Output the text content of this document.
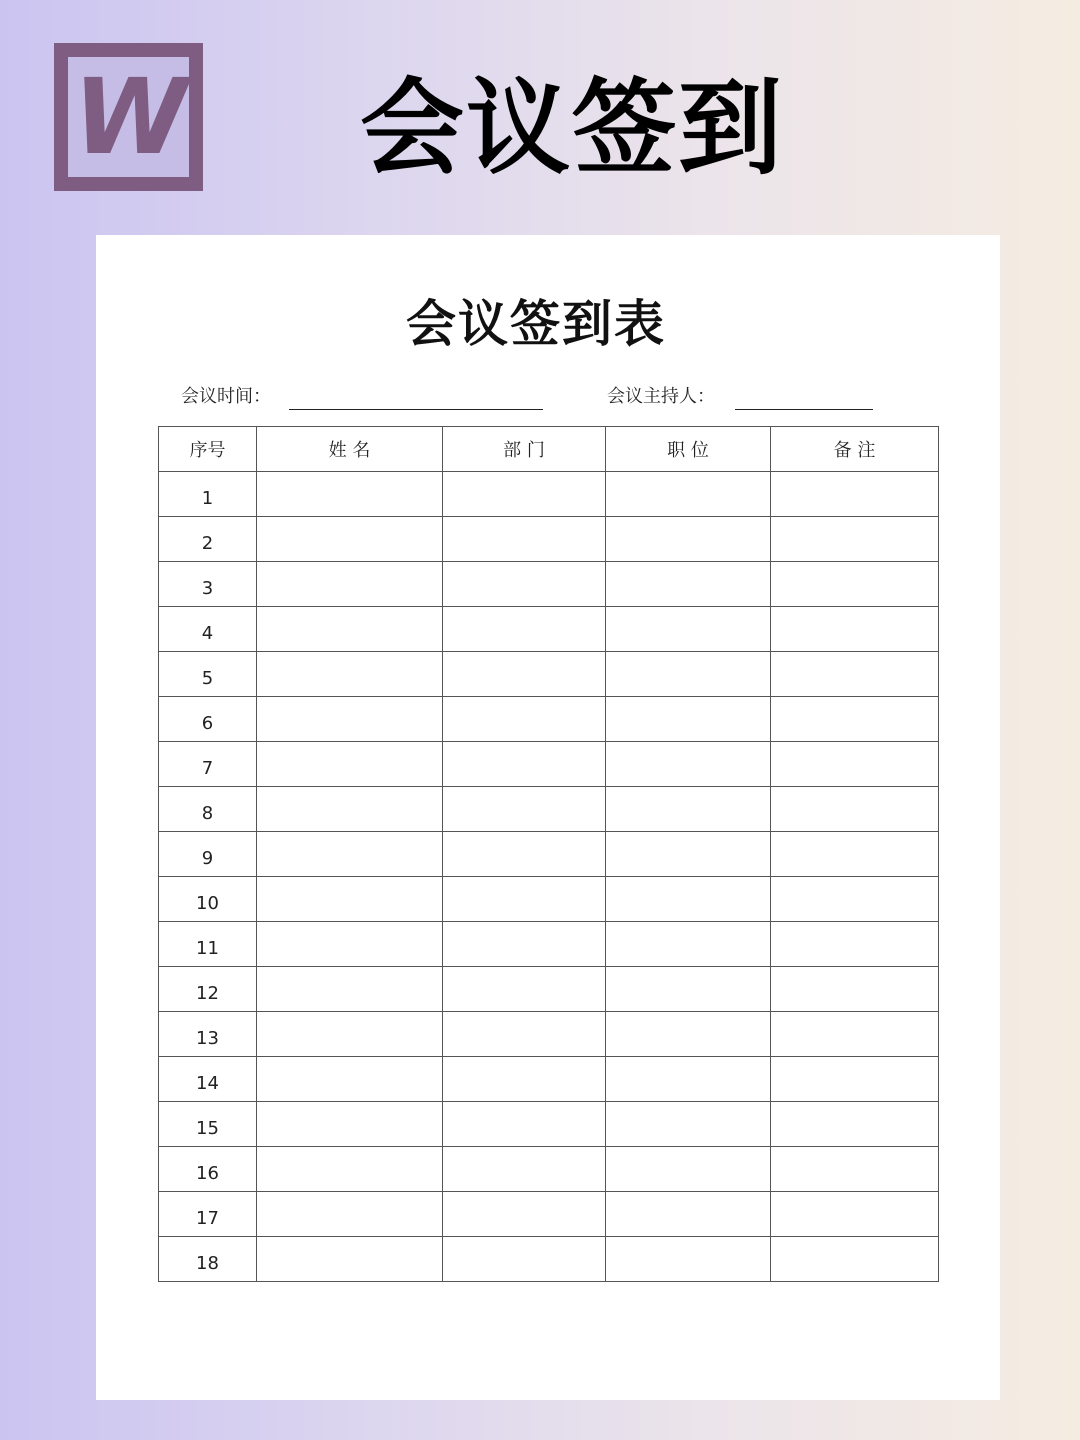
W 会议签到
会议签到表
会议时间：	会议主持人：
序号	姓 名	部 门	职 位	备 注
1				
2				
3				
4				
5				
6				
7				
8				
9				
10				
11				
12				
13				
14				
15				
16				
17				
18				
